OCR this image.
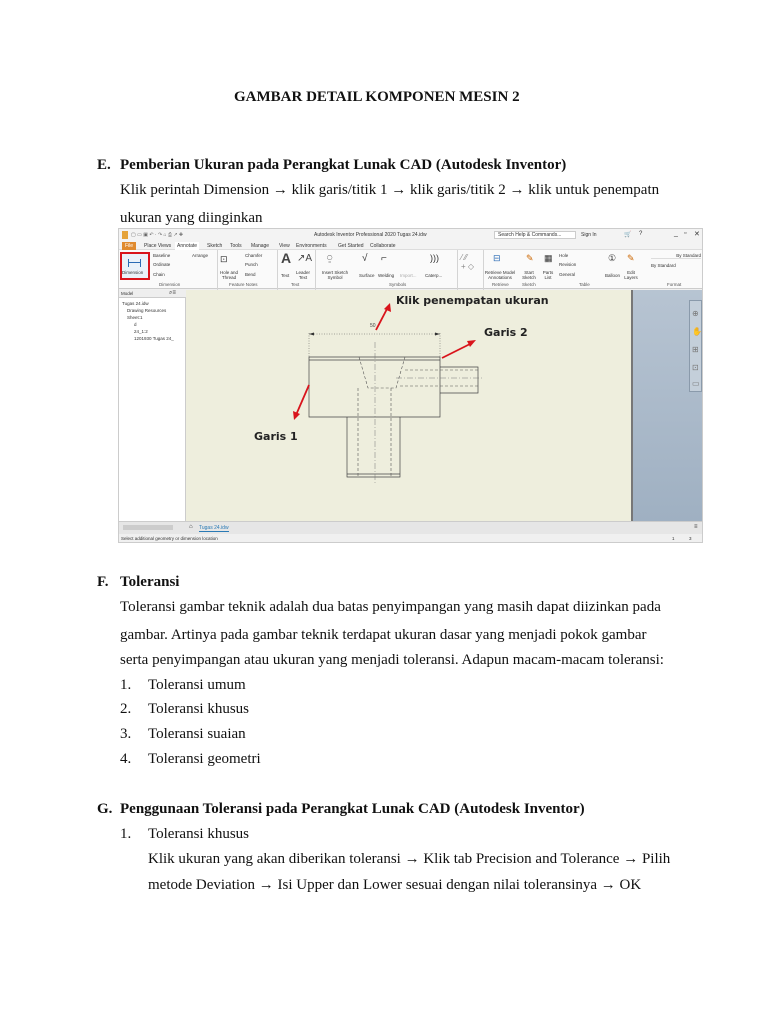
GAMBAR DETAIL KOMPONEN MESIN 2
E. Pemberian Ukuran pada Perangkat Lunak CAD (Autodesk Inventor)
Klik perintah Dimension → klik garis/titik 1 → klik garis/titik 2 → klik untuk penempatn
ukuran yang diinginkan
▢ ▭ ▣ ↶ · ↷ ⌂ ⎙ ↗ ✚	Autodesk Inventor Professional 2020 Tugas 24.idw	Search Help & Commands...	Sign In	🛒 ?	_ ▫ ✕
File	Place Views	Annotate	Sketch Tools Manage View Environments Get Started Collaborate
Dimension
Baseline
Ordinate
Chain
Arrange
Dimension
⊡
Hole and Thread
Chamfer
Punch
Bend
Feature Notes
A
Text
↗A
Leader Text
Text
⍜
Insert Sketch Symbol
√
Surface
⌐
Welding Import...
)))
Caterp...
Symbols
⁄ ⁄⁄
+ ◇
⊟
Retrieve Model Annotations
Retrieve
✎
Start Sketch
Sketch
▦
Parts List
Hole
Revision
General
Table
①
Balloon
✎
Edit Layers
By Standard
By Standard
Format
Model	⌕≡
Tugas 24.idw
Drawing Resources
Sheet:1
d
24_1:2
1201930 Tugas 24_
50
Klik penempatan ukuran
Garis 2
Garis 1
⊕
✋
⊞
⊡
▭
⌂ Tugas 24.idw	≡
Select additional geometry or dimension location	1	3
F. Toleransi
Toleransi gambar teknik adalah dua batas penyimpangan yang masih dapat diizinkan pada
gambar. Artinya pada gambar teknik terdapat ukuran dasar yang menjadi pokok gambar
serta penyimpangan atau ukuran yang menjadi toleransi. Adapun macam-macam toleransi:
1. Toleransi umum
2. Toleransi khusus
3. Toleransi suaian
4. Toleransi geometri
G. Penggunaan Toleransi pada Perangkat Lunak CAD (Autodesk Inventor)
1. Toleransi khusus
Klik ukuran yang akan diberikan toleransi → Klik tab Precision and Tolerance → Pilih
metode Deviation → Isi Upper dan Lower sesuai dengan nilai toleransinya → OK
